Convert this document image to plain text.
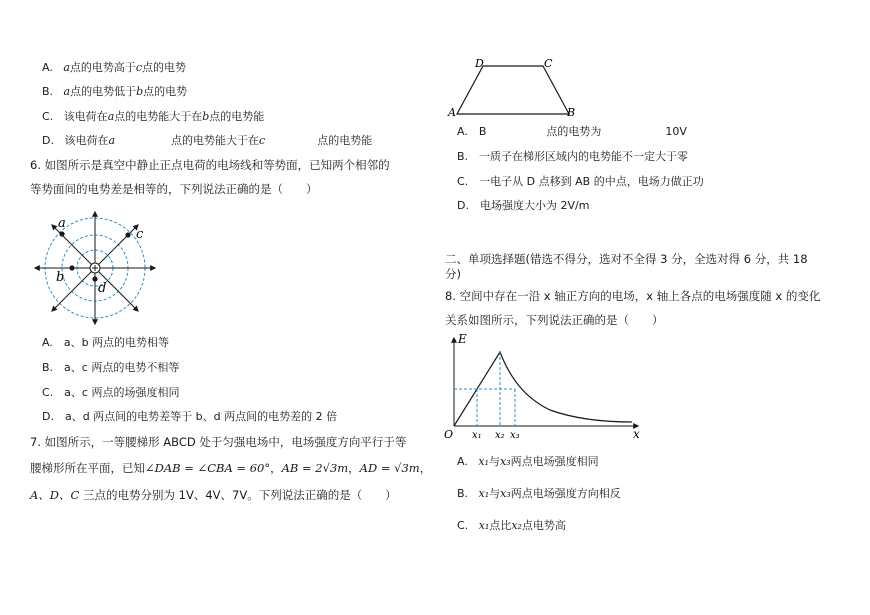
A. a点的电势高于c点的电势
B. a点的电势低于b点的电势
C. 该电荷在a点的电势能大于在b点的电势能
D. 该电荷在a	点的电势能大于在c	点的电势能
6. 如图所示是真空中静止正点电荷的电场线和等势面，已知两个相邻的
等势面间的电势差是相等的，下列说法正确的是（　　）
a
c
b
d
A.　a、b 两点的电势相等
B.　a、c 两点的电势不相等
C.　a、c 两点的场强度相同
D.　a、d 两点间的电势差等于 b、d 两点间的电势差的 2 倍
7. 如图所示，一等腰梯形 ABCD 处于匀强电场中，电场强度方向平行于等
腰梯形所在平面，已知∠DAB = ∠CBA = 60°，AB = 2√3m，AD = √3m，
A、D、C 三点的电势分别为 1V、4V、7V。下列说法正确的是（　　）
D	C
A	B
A.　B	点的电势为	10V
B.　一质子在梯形区域内的电势能不一定大于零
C.　一电子从 D 点移到 AB 的中点，电场力做正功
D.　电场强度大小为 2V/m
二、单项选择题(错选不得分，选对不全得 3 分，全选对得 6 分，共 18
分)
8. 空间中存在一沿 x 轴正方向的电场，x 轴上各点的电场强度随 x 的变化
关系如图所示，下列说法正确的是（　　）
E
O	x
x₁ x₂ x₃
A. x₁与x₃两点电场强度相同
B. x₁与x₃两点电场强度方向相反
C. x₁点比x₂点电势高
